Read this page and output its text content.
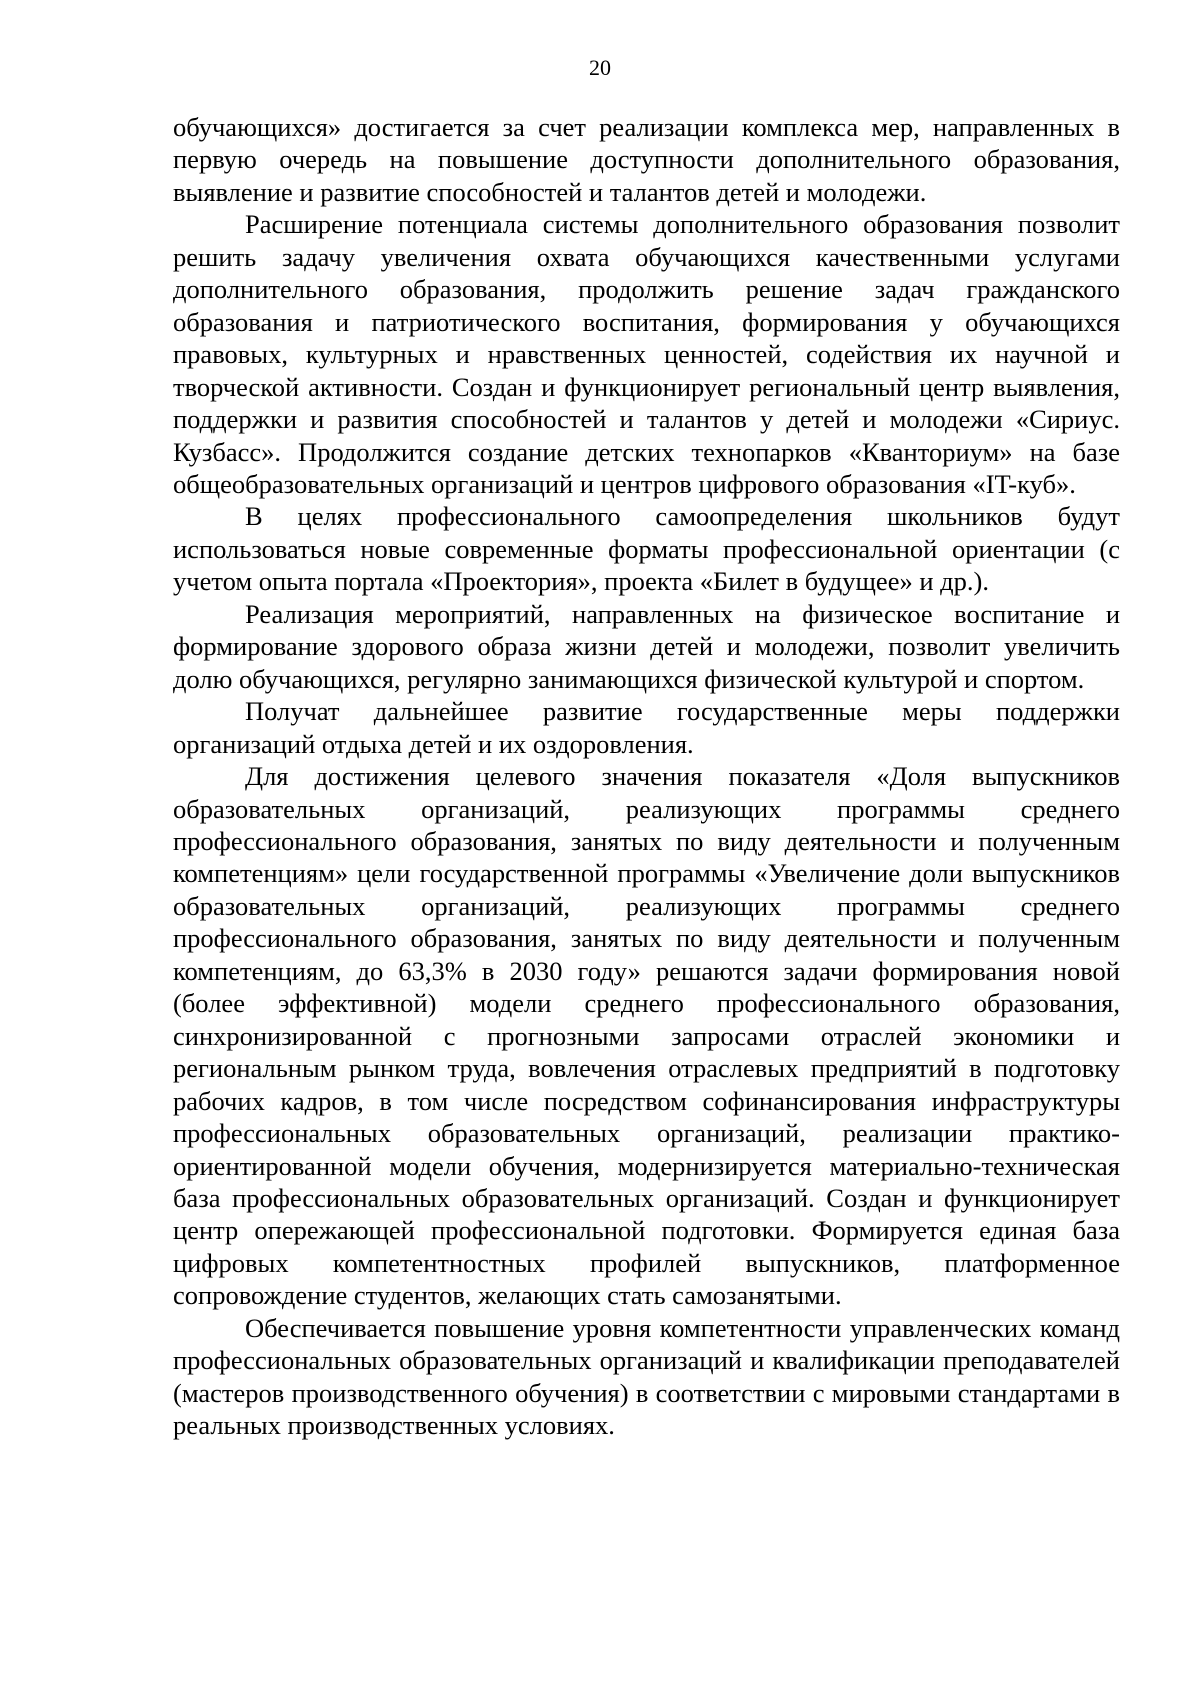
20

обучающихся» достигается за счет реализации комплекса мер, направленных в первую очередь на повышение доступности дополнительного образования, выявление и развитие способностей и талантов детей и молодежи.

Расширение потенциала системы дополнительного образования позволит решить задачу увеличения охвата обучающихся качественными услугами дополнительного образования, продолжить решение задач гражданского образования и патриотического воспитания, формирования у обучающихся правовых, культурных и нравственных ценностей, содействия их научной и творческой активности. Создан и функционирует региональный центр выявления, поддержки и развития способностей и талантов у детей и молодежи «Сириус. Кузбасс». Продолжится создание детских технопарков «Кванториум» на базе общеобразовательных организаций и центров цифрового образования «IT-куб».

В целях профессионального самоопределения школьников будут использоваться новые современные форматы профессиональной ориентации (с учетом опыта портала «Проектория», проекта «Билет в будущее» и др.).

Реализация мероприятий, направленных на физическое воспитание и формирование здорового образа жизни детей и молодежи, позволит увеличить долю обучающихся, регулярно занимающихся физической культурой и спортом.

Получат дальнейшее развитие государственные меры поддержки организаций отдыха детей и их оздоровления.

Для достижения целевого значения показателя «Доля выпускников образовательных организаций, реализующих программы среднего профессионального образования, занятых по виду деятельности и полученным компетенциям» цели государственной программы «Увеличение доли выпускников образовательных организаций, реализующих программы среднего профессионального образования, занятых по виду деятельности и полученным компетенциям, до 63,3% в 2030 году» решаются задачи формирования новой (более эффективной) модели среднего профессионального образования, синхронизированной с прогнозными запросами отраслей экономики и региональным рынком труда, вовлечения отраслевых предприятий в подготовку рабочих кадров, в том числе посредством софинансирования инфраструктуры профессиональных образовательных организаций, реализации практико-ориентированной модели обучения, модернизируется материально-техническая база профессиональных образовательных организаций. Создан и функционирует центр опережающей профессиональной подготовки. Формируется единая база цифровых компетентностных профилей выпускников, платформенное сопровождение студентов, желающих стать самозанятыми.

Обеспечивается повышение уровня компетентности управленческих команд профессиональных образовательных организаций и квалификации преподавателей (мастеров производственного обучения) в соответствии с мировыми стандартами в реальных производственных условиях.
